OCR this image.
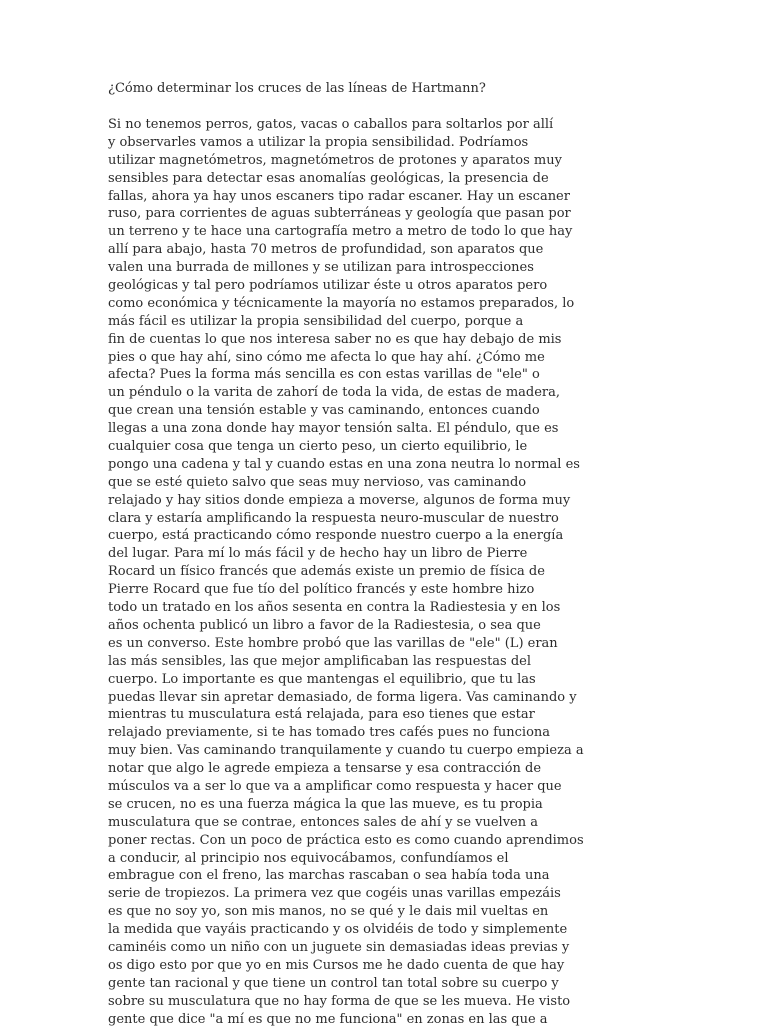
¿Cómo determinar los cruces de las líneas de Hartmann?
Si no tenemos perros, gatos, vacas o caballos para soltarlos por allí
y observarles vamos a utilizar la propia sensibilidad. Podríamos
utilizar magnetómetros, magnetómetros de protones y aparatos muy
sensibles para detectar esas anomalías geológicas, la presencia de
fallas, ahora ya hay unos escaners tipo radar escaner. Hay un escaner
ruso, para corrientes de aguas subterráneas y geología que pasan por
un terreno y te hace una cartografía metro a metro de todo lo que hay
allí para abajo, hasta 70 metros de profundidad, son aparatos que
valen una burrada de millones y se utilizan para introspecciones
geológicas y tal pero podríamos utilizar éste u otros aparatos pero
como económica y técnicamente la mayoría no estamos preparados, lo
más fácil es utilizar la propia sensibilidad del cuerpo, porque a
fin de cuentas lo que nos interesa saber no es que hay debajo de mis
pies o que hay ahí, sino cómo me afecta lo que hay ahí. ¿Cómo me
afecta? Pues la forma más sencilla es con estas varillas de "ele" o
un péndulo o la varita de zahorí de toda la vida, de estas de madera,
que crean una tensión estable y vas caminando, entonces cuando
llegas a una zona donde hay mayor tensión salta. El péndulo, que es
cualquier cosa que tenga un cierto peso, un cierto equilibrio, le
pongo una cadena y tal y cuando estas en una zona neutra lo normal es
que se esté quieto salvo que seas muy nervioso, vas caminando
relajado y hay sitios donde empieza a moverse, algunos de forma muy
clara y estaría amplificando la respuesta neuro-muscular de nuestro
cuerpo, está practicando cómo responde nuestro cuerpo a la energía
del lugar. Para mí lo más fácil y de hecho hay un libro de Pierre
Rocard un físico francés que además existe un premio de física de
Pierre Rocard que fue tío del político francés y este hombre hizo
todo un tratado en los años sesenta en contra la Radiestesia y en los
años ochenta publicó un libro a favor de la Radiestesia, o sea que
es un converso. Este hombre probó que las varillas de "ele" (L) eran
las más sensibles, las que mejor amplificaban las respuestas del
cuerpo. Lo importante es que mantengas el equilibrio, que tu las
puedas llevar sin apretar demasiado, de forma ligera. Vas caminando y
mientras tu musculatura está relajada, para eso tienes que estar
relajado previamente, si te has tomado tres cafés pues no funciona
muy bien. Vas caminando tranquilamente y cuando tu cuerpo empieza a
notar que algo le agrede empieza a tensarse y esa contracción de
músculos va a ser lo que va a amplificar como respuesta y hacer que
se crucen, no es una fuerza mágica la que las mueve, es tu propia
musculatura que se contrae, entonces sales de ahí y se vuelven a
poner rectas. Con un poco de práctica esto es como cuando aprendimos
a conducir, al principio nos equivocábamos, confundíamos el
embrague con el freno, las marchas rascaban o sea había toda una
serie de tropiezos. La primera vez que cogéis unas varillas empezáis
es que no soy yo, son mis manos, no se qué y le dais mil vueltas en
la medida que vayáis practicando y os olvidéis de todo y simplemente
caminéis como un niño con un juguete sin demasiadas ideas previas y
os digo esto por que yo en mis Cursos me he dado cuenta de que hay
gente tan racional y que tiene un control tan total sobre su cuerpo y
sobre su musculatura que no hay forma de que se les mueva. He visto
gente que dice "a mí es que no me funciona" en zonas en las que a
